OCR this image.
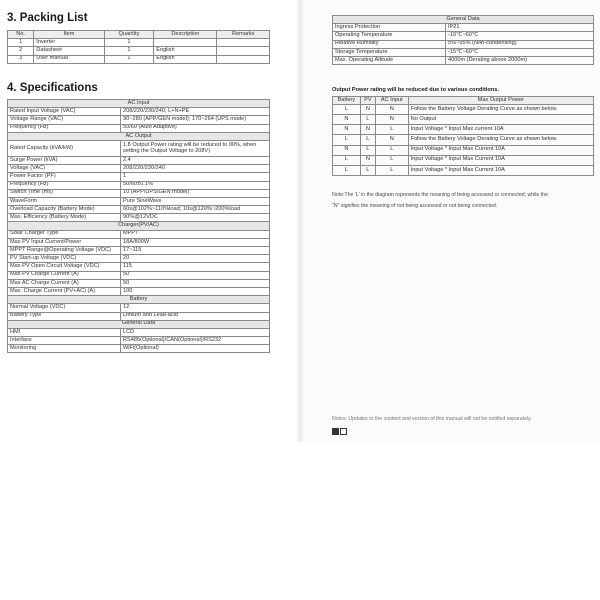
3. Packing List
No.	Item	Quantity	Description	Remarks
1	Inverter	1		
2	Datasheet	1	English	
3	User manual	1	English	
4. Specifications
AC Input	
Rated Input Voltage (VAC)	208/220/230/240; L+N+PE
Voltage Range (VAC)	90~280 (APP/GEN model); 170~264 (UPS mode)
Frequency (Hz)	50/60 (Auto Adaptive)
AC Output	
Rated Capacity (kVA/kW)	1.8 Output Power rating will be reduced to 90%, when setting the Output Voltage to 208V)
Surge Power (kVA)	2.4
Voltage (VAC)	208/220/230/240
Power Factor (PF)	1
Frequency (Hz)	50/60±0.1%
Switch Time (ms)	10 (APP/UPS/GEN model)
WaveForm	Pure SineWave
Overload Capacity (Battery Mode)	60s@102%~110%load; 10s@120%~200%load
Max. Efficiency (Battery Mode)	90%@12VDC
Charger(PV/AC)	
Solar Charger Type	MPPT
Max PV Input Current/Power	18A/800W
MPPT Range@Operating Voltage (VDC)	17~115
PV Start-up Voltage (VDC)	20
Max PV Open Circuit Voltage (VDC)	115
Max PV Charge Current (A)	50
Max AC Charge Current (A)	50
Max. Charge Current (PV+AC) (A)	100
Battery	
Normal Voltage (VDC)	12
Battery Type	Lithium and Lead-acid
General Data	
HMI	LCD
Interface	RS485(Optional)/CAN(Optional)/RS232
Monitoring	WiFi(Optional)
General Data	
Ingress Protection	IP21
Operating Temperature	-10℃~60℃
Relative Humidity	5%~95% (Non-condensing)
Storage Temperature	-15℃~60℃
Max. Operating Altitude	4000m (Derating above 2000m)
Output Power rating will be reduced due to various conditions.
Battery	PV	AC Input	Max Output Power
L	N	N	Follow the Battery Voltage Derating Curve as shown below.
N	L	N	No Output
N	N	L	Input Voltage * Input Max current 10A
L	L	N	Follow the Battery Voltage Derating Curve as shown below.
N	L	L	Input Voltage * Input Max Current 10A
L	N	L	Input Voltage * Input Max Current 10A
L	L	L	Input Voltage * Input Max Current 10A
Note:The 'L' in the diagram represents the meaning of being accessed or connected, while the
"N" signifies the meaning of not being accessed or not being connected.
Notes: Updates to the content and version of this manual will not be notified separately.
